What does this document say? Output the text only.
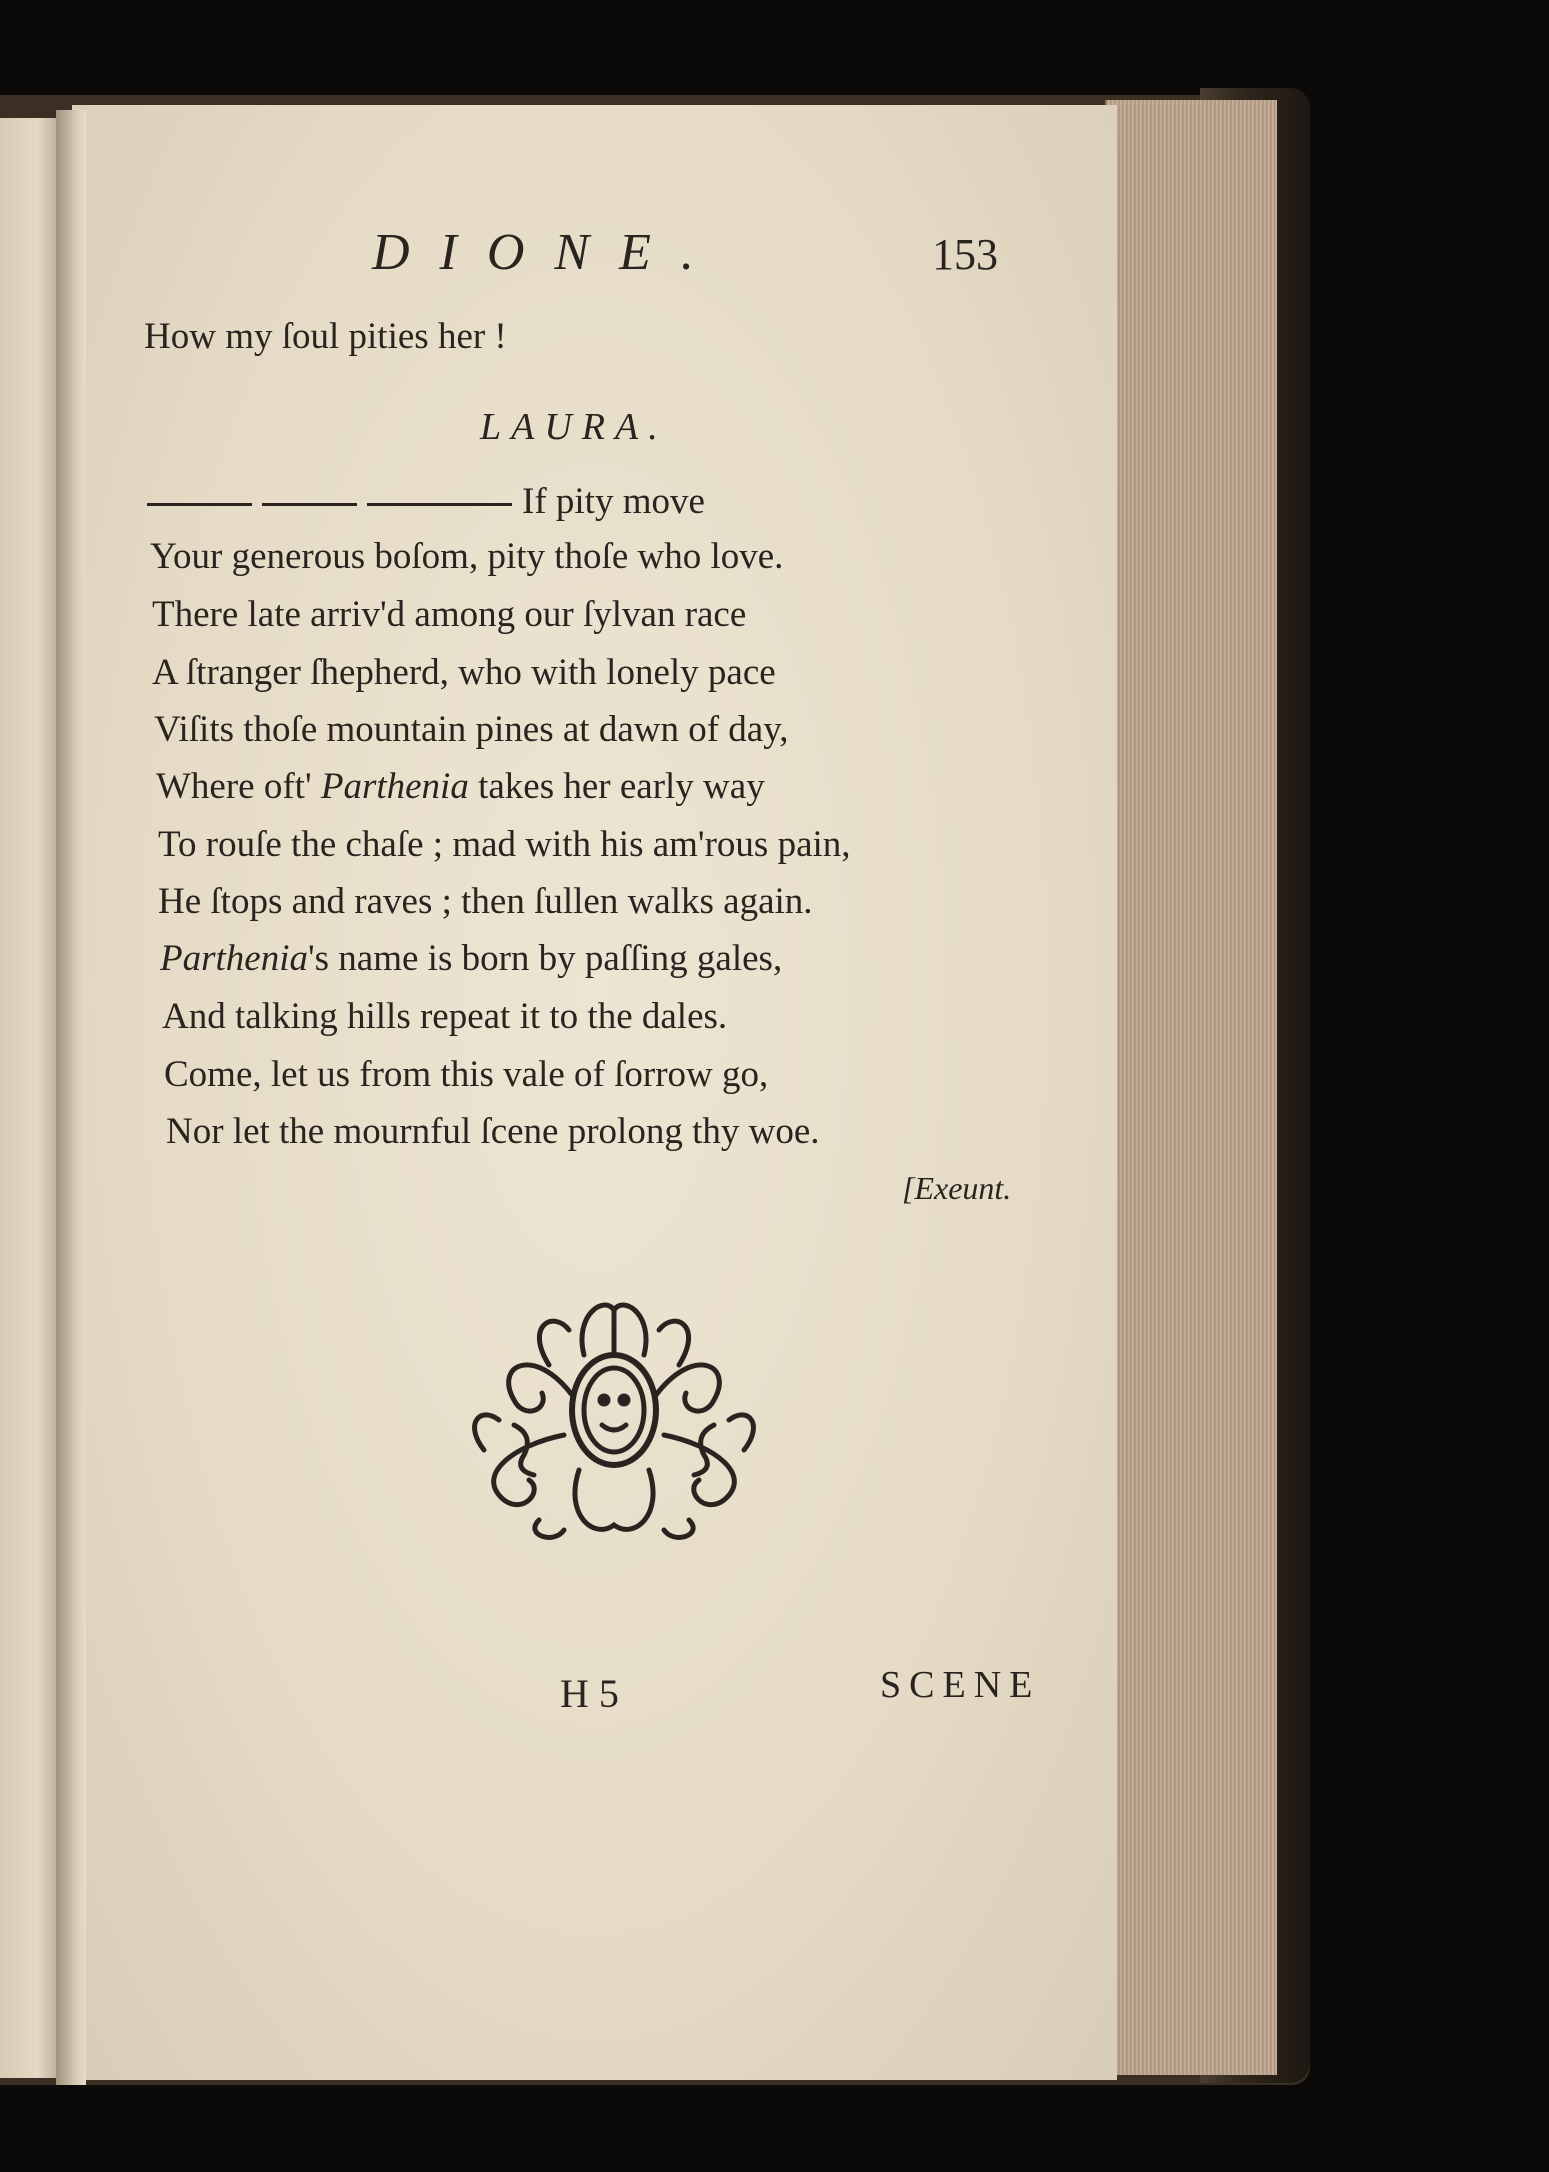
DIONE.	153
How my ſoul pities her !
LAURA.
If pity move
Your generous boſom, pity thoſe who love.
There late arriv'd among our ſylvan race
A ſtranger ſhepherd, who with lonely pace
Viſits thoſe mountain pines at dawn of day,
Where oft' Parthenia takes her early way
To rouſe the chaſe ; mad with his am'rous pain,
He ſtops and raves ; then ſullen walks again.
Parthenia's name is born by paſſing gales,
And talking hills repeat it to the dales.
Come, let us from this vale of ſorrow go,
Nor let the mournful ſcene prolong thy woe.
[Exeunt.
H 5	SCENE
